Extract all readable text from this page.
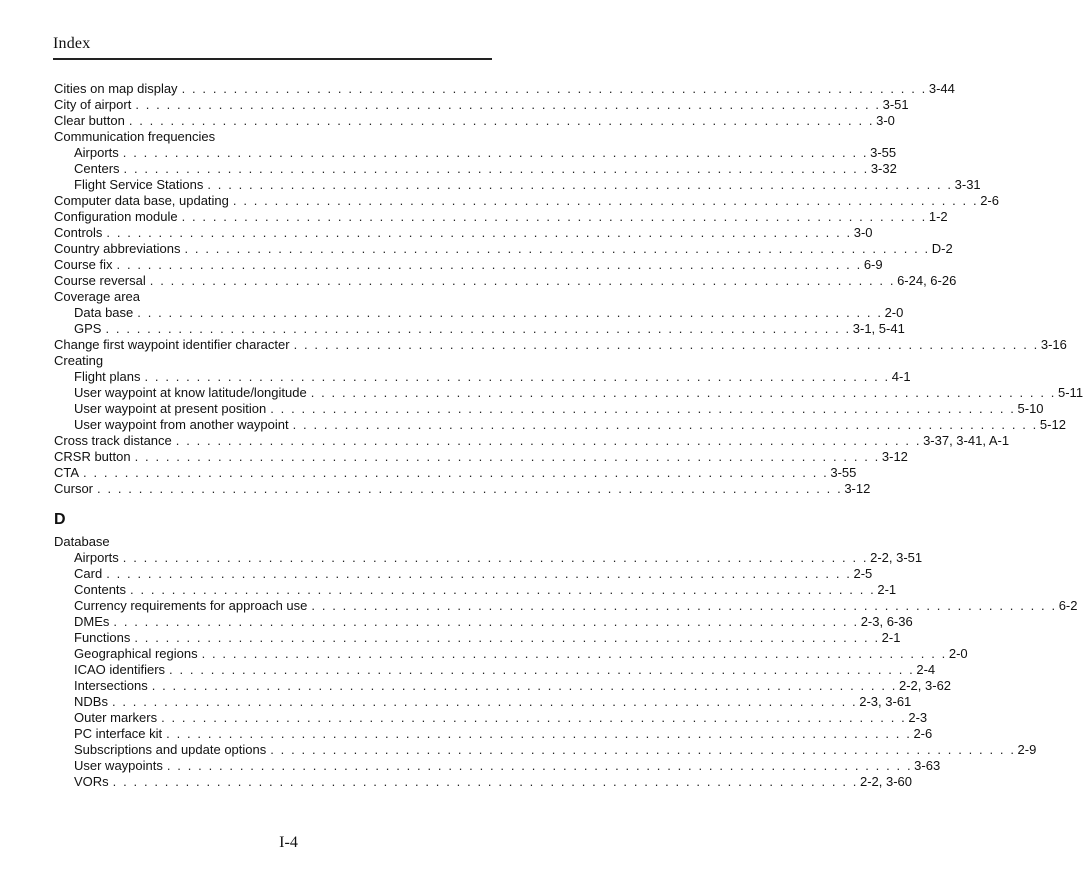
Index
Cities on map display . . . . . . . . . . . . . . . . . . . . . . . . . . . . . . . . . . . . . . . . . . . . . . . . . . . . . . . . . . . . . . . . . . . . . . . . 3-44
City of airport . . . . . . . . . . . . . . . . . . . . . . . . . . . . . . . . . . . . . . . . . . . . . . . . . . . . . . . . . . . . . . . . . . . . . . . . 3-51
Clear button . . . . . . . . . . . . . . . . . . . . . . . . . . . . . . . . . . . . . . . . . . . . . . . . . . . . . . . . . . . . . . . . . . . . . . . . 3-0
Communication frequencies
Airports . . . . . . . . . . . . . . . . . . . . . . . . . . . . . . . . . . . . . . . . . . . . . . . . . . . . . . . . . . . . . . . . . . . . . . . . 3-55
Centers . . . . . . . . . . . . . . . . . . . . . . . . . . . . . . . . . . . . . . . . . . . . . . . . . . . . . . . . . . . . . . . . . . . . . . . . 3-32
Flight Service Stations . . . . . . . . . . . . . . . . . . . . . . . . . . . . . . . . . . . . . . . . . . . . . . . . . . . . . . . . . . . . . . . . . . . . . . . . 3-31
Computer data base, updating . . . . . . . . . . . . . . . . . . . . . . . . . . . . . . . . . . . . . . . . . . . . . . . . . . . . . . . . . . . . . . . . . . . . . . . . 2-6
Configuration module . . . . . . . . . . . . . . . . . . . . . . . . . . . . . . . . . . . . . . . . . . . . . . . . . . . . . . . . . . . . . . . . . . . . . . . . 1-2
Controls . . . . . . . . . . . . . . . . . . . . . . . . . . . . . . . . . . . . . . . . . . . . . . . . . . . . . . . . . . . . . . . . . . . . . . . . 3-0
Country abbreviations . . . . . . . . . . . . . . . . . . . . . . . . . . . . . . . . . . . . . . . . . . . . . . . . . . . . . . . . . . . . . . . . . . . . . . . . D-2
Course fix . . . . . . . . . . . . . . . . . . . . . . . . . . . . . . . . . . . . . . . . . . . . . . . . . . . . . . . . . . . . . . . . . . . . . . . . 6-9
Course reversal . . . . . . . . . . . . . . . . . . . . . . . . . . . . . . . . . . . . . . . . . . . . . . . . . . . . . . . . . . . . . . . . . . . . . . . . 6-24, 6-26
Coverage area
Data base . . . . . . . . . . . . . . . . . . . . . . . . . . . . . . . . . . . . . . . . . . . . . . . . . . . . . . . . . . . . . . . . . . . . . . . . 2-0
GPS . . . . . . . . . . . . . . . . . . . . . . . . . . . . . . . . . . . . . . . . . . . . . . . . . . . . . . . . . . . . . . . . . . . . . . . . 3-1, 5-41
Change first waypoint identifier character . . . . . . . . . . . . . . . . . . . . . . . . . . . . . . . . . . . . . . . . . . . . . . . . . . . . . . . . . . . . . . . . . . . . . . . . 3-16
Creating
Flight plans . . . . . . . . . . . . . . . . . . . . . . . . . . . . . . . . . . . . . . . . . . . . . . . . . . . . . . . . . . . . . . . . . . . . . . . . 4-1
User waypoint at know latitude/longitude . . . . . . . . . . . . . . . . . . . . . . . . . . . . . . . . . . . . . . . . . . . . . . . . . . . . . . . . . . . . . . . . . . . . . . . . 5-11
User waypoint at present position . . . . . . . . . . . . . . . . . . . . . . . . . . . . . . . . . . . . . . . . . . . . . . . . . . . . . . . . . . . . . . . . . . . . . . . . 5-10
User waypoint from another waypoint . . . . . . . . . . . . . . . . . . . . . . . . . . . . . . . . . . . . . . . . . . . . . . . . . . . . . . . . . . . . . . . . . . . . . . . . 5-12
Cross track distance . . . . . . . . . . . . . . . . . . . . . . . . . . . . . . . . . . . . . . . . . . . . . . . . . . . . . . . . . . . . . . . . . . . . . . . . 3-37, 3-41, A-1
CRSR button . . . . . . . . . . . . . . . . . . . . . . . . . . . . . . . . . . . . . . . . . . . . . . . . . . . . . . . . . . . . . . . . . . . . . . . . 3-12
CTA . . . . . . . . . . . . . . . . . . . . . . . . . . . . . . . . . . . . . . . . . . . . . . . . . . . . . . . . . . . . . . . . . . . . . . . . 3-55
Cursor . . . . . . . . . . . . . . . . . . . . . . . . . . . . . . . . . . . . . . . . . . . . . . . . . . . . . . . . . . . . . . . . . . . . . . . . 3-12
D
Database
Airports . . . . . . . . . . . . . . . . . . . . . . . . . . . . . . . . . . . . . . . . . . . . . . . . . . . . . . . . . . . . . . . . . . . . . . . . 2-2, 3-51
Card . . . . . . . . . . . . . . . . . . . . . . . . . . . . . . . . . . . . . . . . . . . . . . . . . . . . . . . . . . . . . . . . . . . . . . . . 2-5
Contents . . . . . . . . . . . . . . . . . . . . . . . . . . . . . . . . . . . . . . . . . . . . . . . . . . . . . . . . . . . . . . . . . . . . . . . . 2-1
Currency requirements for approach use . . . . . . . . . . . . . . . . . . . . . . . . . . . . . . . . . . . . . . . . . . . . . . . . . . . . . . . . . . . . . . . . . . . . . . . . 6-2
DMEs . . . . . . . . . . . . . . . . . . . . . . . . . . . . . . . . . . . . . . . . . . . . . . . . . . . . . . . . . . . . . . . . . . . . . . . . 2-3, 6-36
Functions . . . . . . . . . . . . . . . . . . . . . . . . . . . . . . . . . . . . . . . . . . . . . . . . . . . . . . . . . . . . . . . . . . . . . . . . 2-1
Geographical regions . . . . . . . . . . . . . . . . . . . . . . . . . . . . . . . . . . . . . . . . . . . . . . . . . . . . . . . . . . . . . . . . . . . . . . . . 2-0
ICAO identifiers . . . . . . . . . . . . . . . . . . . . . . . . . . . . . . . . . . . . . . . . . . . . . . . . . . . . . . . . . . . . . . . . . . . . . . . . 2-4
Intersections . . . . . . . . . . . . . . . . . . . . . . . . . . . . . . . . . . . . . . . . . . . . . . . . . . . . . . . . . . . . . . . . . . . . . . . . 2-2, 3-62
NDBs . . . . . . . . . . . . . . . . . . . . . . . . . . . . . . . . . . . . . . . . . . . . . . . . . . . . . . . . . . . . . . . . . . . . . . . . 2-3, 3-61
Outer markers . . . . . . . . . . . . . . . . . . . . . . . . . . . . . . . . . . . . . . . . . . . . . . . . . . . . . . . . . . . . . . . . . . . . . . . . 2-3
PC interface kit . . . . . . . . . . . . . . . . . . . . . . . . . . . . . . . . . . . . . . . . . . . . . . . . . . . . . . . . . . . . . . . . . . . . . . . . 2-6
Subscriptions and update options . . . . . . . . . . . . . . . . . . . . . . . . . . . . . . . . . . . . . . . . . . . . . . . . . . . . . . . . . . . . . . . . . . . . . . . . 2-9
User waypoints . . . . . . . . . . . . . . . . . . . . . . . . . . . . . . . . . . . . . . . . . . . . . . . . . . . . . . . . . . . . . . . . . . . . . . . . 3-63
VORs . . . . . . . . . . . . . . . . . . . . . . . . . . . . . . . . . . . . . . . . . . . . . . . . . . . . . . . . . . . . . . . . . . . . . . . . 2-2, 3-60
I-4
